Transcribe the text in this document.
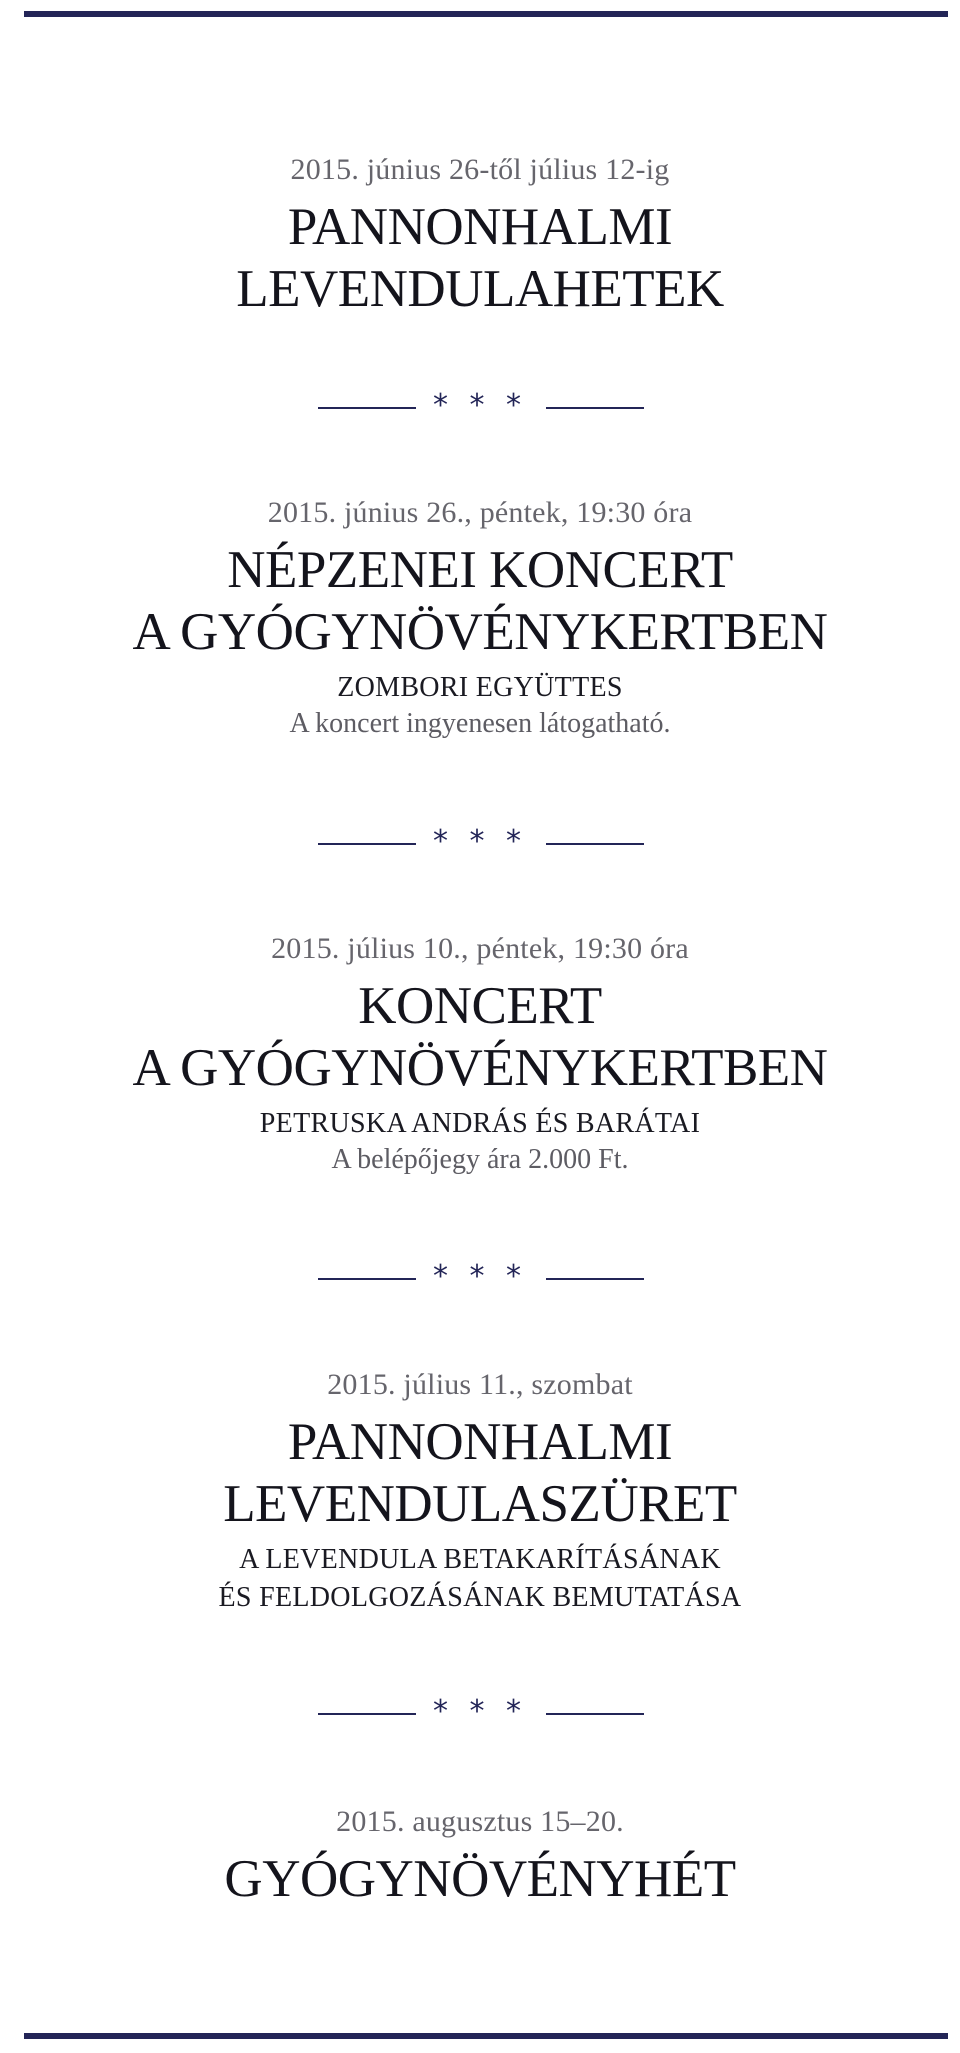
2015. június 26-től július 12-ig
PANNONHALMI
LEVENDULAHETEK
* * *
2015. június 26., péntek, 19:30 óra
NÉPZENEI KONCERT
A GYÓGYNÖVÉNYKERTBEN
ZOMBORI EGYÜTTES
A koncert ingyenesen látogatható.
* * *
2015. július 10., péntek, 19:30 óra
KONCERT
A GYÓGYNÖVÉNYKERTBEN
PETRUSKA ANDRÁS ÉS BARÁTAI
A belépőjegy ára 2.000 Ft.
* * *
2015. július 11., szombat
PANNONHALMI
LEVENDULASZÜRET
A LEVENDULA BETAKARÍTÁSÁNAK
ÉS FELDOLGOZÁSÁNAK BEMUTATÁSA
* * *
2015. augusztus 15–20.
GYÓGYNÖVÉNYHÉT
